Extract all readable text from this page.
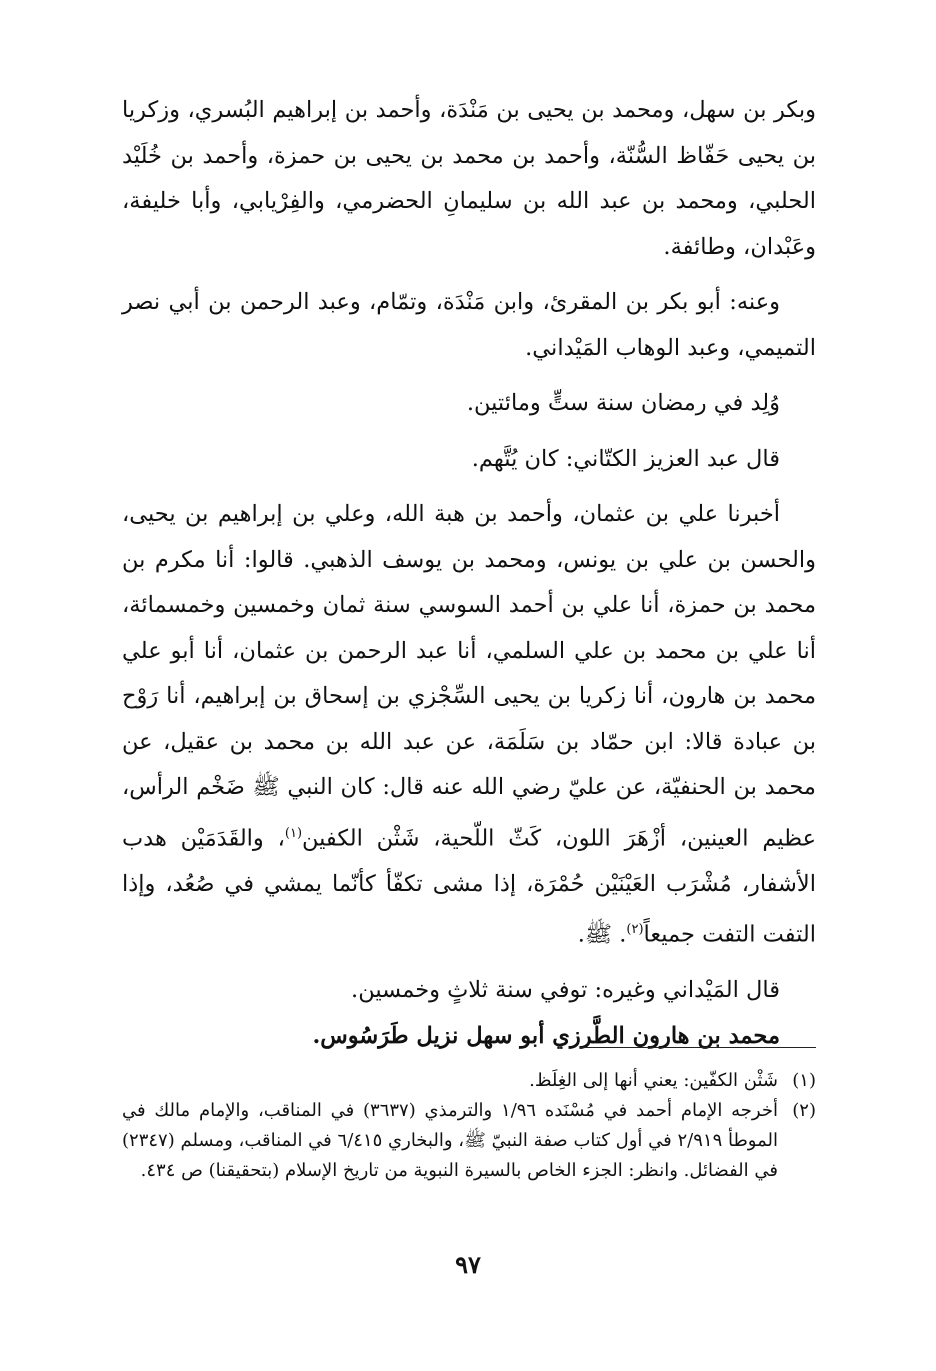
وبكر بن سهل، ومحمد بن يحيى بن مَنْدَة، وأحمد بن إبراهيم البُسري، وزكريا بن يحيى حَفّاظ السُّنّة، وأحمد بن محمد بن يحيى بن حمزة، وأحمد بن خُلَيْد الحلبي، ومحمد بن عبد الله بن سليمانِ الحضرمي، والفِرْيابي، وأبا خليفة، وعَبْدان، وطائفة.

وعنه: أبو بكر بن المقرئ، وابن مَنْدَة، وتمّام، وعبد الرحمن بن أبي نصر التميمي، وعبد الوهاب المَيْداني.

وُلِد في رمضان سنة ستٍّ ومائتين.

قال عبد العزيز الكتّاني: كان يُتَّهم.

أخبرنا علي بن عثمان، وأحمد بن هبة الله، وعلي بن إبراهيم بن يحيى، والحسن بن علي بن يونس، ومحمد بن يوسف الذهبي. قالوا: أنا مكرم بن محمد بن حمزة، أنا علي بن أحمد السوسي سنة ثمان وخمسين وخمسمائة، أنا علي بن محمد بن علي السلمي، أنا عبد الرحمن بن عثمان، أنا أبو علي محمد بن هارون، أنا زكريا بن يحيى السِّجْزي بن إسحاق بن إبراهيم، أنا رَوْح بن عبادة قالا: ابن حمّاد بن سَلَمَة، عن عبد الله بن محمد بن عقيل، عن محمد بن الحنفيّة، عن عليّ رضي الله عنه قال: كان النبي ﷺ ضَخْم الرأس، عظيم العينين، أزْهَرَ اللون، كَثّ اللّحية، شَثْن الكفين$^{(١)}$، والقَدَمَيْن هدب الأشفار، مُشْرَب العَيْنَيْن حُمْرَة، إذا مشى تكفّأ كأنّما يمشي في صُعُد، وإذا التفت التفت جميعاً$^{(٢)}$. ﷺ.

قال المَيْداني وغيره: توفي سنة ثلاثٍ وخمسين.

محمد بن هارون الطَّرزي أبو سهل نزيل طَرَسُوس.

(١)
شَثْن الكفّين: يعني أنها إلى الغِلَظ.

(٢)
أخرجه الإمام أحمد في مُسْنَده ١/٩٦ والترمذي (٣٦٣٧) في المناقب، والإمام مالك في الموطأ ٢/٩١٩ في أول كتاب صفة النبيّ ﷺ، والبخاري ٦/٤١٥ في المناقب، ومسلم (٢٣٤٧) في الفضائل. وانظر: الجزء الخاص بالسيرة النبوية من تاريخ الإسلام (بتحقيقنا) ص ٤٣٤.

٩٧
